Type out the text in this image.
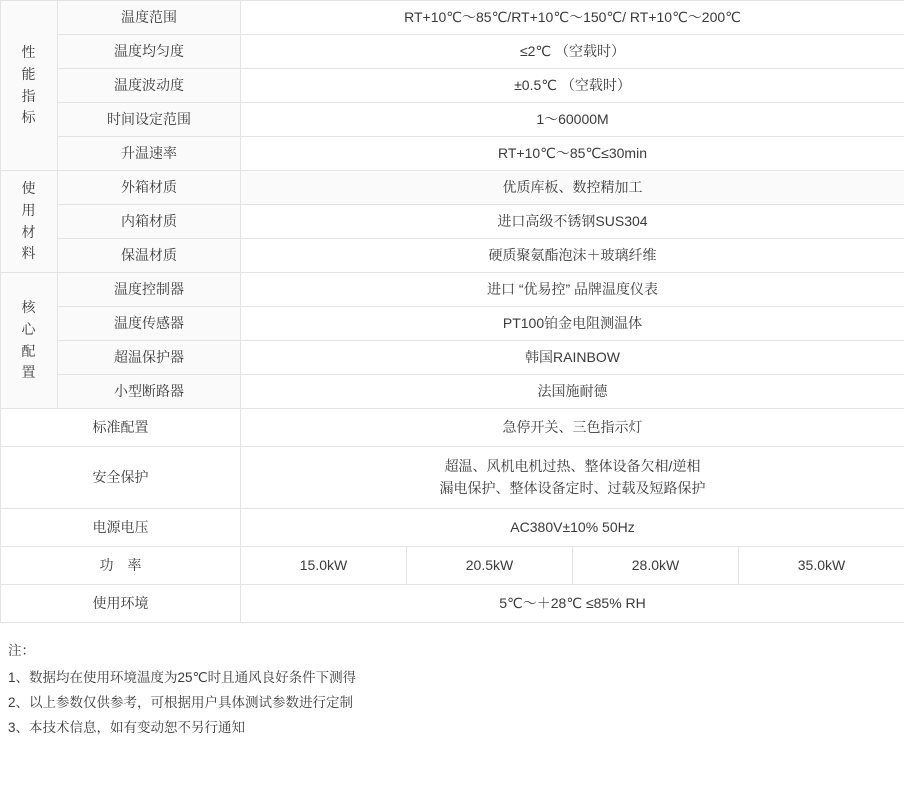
性能指标	温度范围	RT+10℃～85℃/RT+10℃～150℃/ RT+10℃～200℃			
	温度均匀度	≤2℃ （空载时）			
	温度波动度	±0.5℃ （空载时）			
	时间设定范围	1～60000M			
	升温速率	RT+10℃～85℃≤30min			

使用材料	外箱材质	优质库板、数控精加工			
	内箱材质	进口高级不锈钢SUS304			
	保温材质	硬质聚氨酯泡沫＋玻璃纤维			

核心配置	温度控制器	进口 “优易控” 品牌温度仪表			
	温度传感器	PT100铂金电阻测温体			
	超温保护器	韩国RAINBOW			
	小型断路器	法国施耐德			
标准配置		急停开关、三色指示灯			
安全保护		超温、风机电机过热、整体设备欠相/逆相
漏电保护、整体设备定时、过载及短路保护			

电源电压		AC380V±10% 50Hz			
功　率		15.0kW	20.5kW	28.0kW	35.0kW
使用环境		5℃～＋28℃ ≤85% RH			
注：
1、数据均在使用环境温度为25℃时且通风良好条件下测得
2、以上参数仅供参考，可根据用户具体测试参数进行定制
3、本技术信息，如有变动恕不另行通知
